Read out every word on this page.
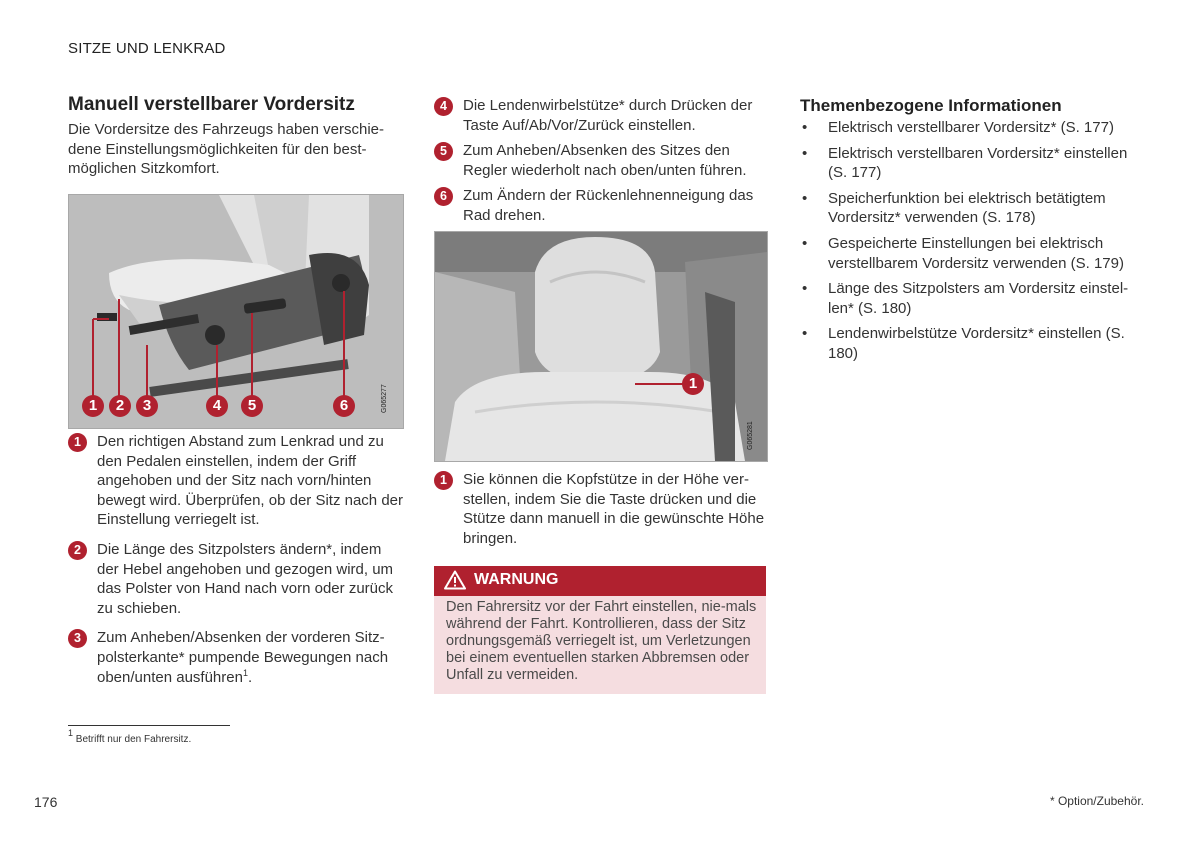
SITZE UND LENKRAD
Manuell verstellbarer Vordersitz
Die Vordersitze des Fahrzeugs haben verschie-dene Einstellungsmöglichkeiten für den best-möglichen Sitzkomfort.
1	2	3	4	5	6	G065277
1	Den richtigen Abstand zum Lenkrad und zu den Pedalen einstellen, indem der Griff angehoben und der Sitz nach vorn/hinten bewegt wird. Überprüfen, ob der Sitz nach der Einstellung verriegelt ist.
2	Die Länge des Sitzpolsters ändern*, indem der Hebel angehoben und gezogen wird, um das Polster von Hand nach vorn oder zurück zu schieben.
3	Zum Anheben/Absenken der vorderen Sitz-polsterkante* pumpende Bewegungen nach oben/unten ausführen$^1$.
4	Die Lendenwirbelstütze* durch Drücken der Taste Auf/Ab/Vor/Zurück einstellen.
5	Zum Anheben/Absenken des Sitzes den Regler wiederholt nach oben/unten führen.
6	Zum Ändern der Rückenlehnenneigung das Rad drehen.
1
G065281
1	Sie können die Kopfstütze in der Höhe ver-stellen, indem Sie die Taste drücken und die Stütze dann manuell in die gewünschte Höhe bringen.
WARNUNG
Den Fahrersitz vor der Fahrt einstellen, nie-mals während der Fahrt. Kontrollieren, dass der Sitz ordnungsgemäß verriegelt ist, um Verletzungen bei einem eventuellen starken Abbremsen oder Unfall zu vermeiden.
Themenbezogene Informationen
• Elektrisch verstellbarer Vordersitz* (S. 177)
• Elektrisch verstellbaren Vordersitz* einstellen (S. 177)
• Speicherfunktion bei elektrisch betätigtem Vordersitz* verwenden (S. 178)
• Gespeicherte Einstellungen bei elektrisch verstellbarem Vordersitz verwenden (S. 179)
• Länge des Sitzpolsters am Vordersitz einstel-len* (S. 180)
• Lendenwirbelstütze Vordersitz* einstellen (S. 180)
$^1$ Betrifft nur den Fahrersitz.
176	* Option/Zubehör.
